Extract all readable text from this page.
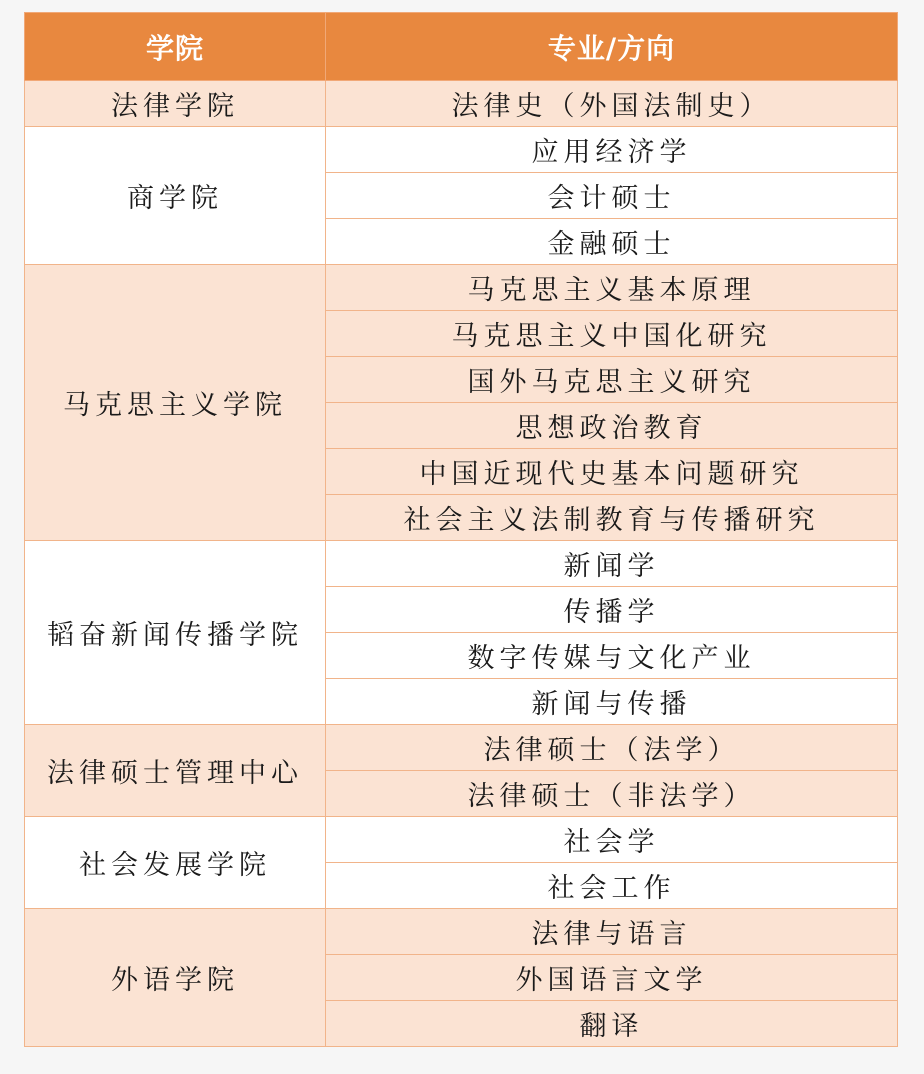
学院	专业/方向
法律学院	法律史（外国法制史）
商学院	应用经济学
	会计硕士
	金融硕士
马克思主义学院	马克思主义基本原理
	马克思主义中国化研究
	国外马克思主义研究
	思想政治教育
	中国近现代史基本问题研究
	社会主义法制教育与传播研究
韬奋新闻传播学院	新闻学
	传播学
	数字传媒与文化产业
	新闻与传播
法律硕士管理中心	法律硕士（法学）
	法律硕士（非法学）
社会发展学院	社会学
	社会工作
外语学院	法律与语言
	外国语言文学
	翻译
